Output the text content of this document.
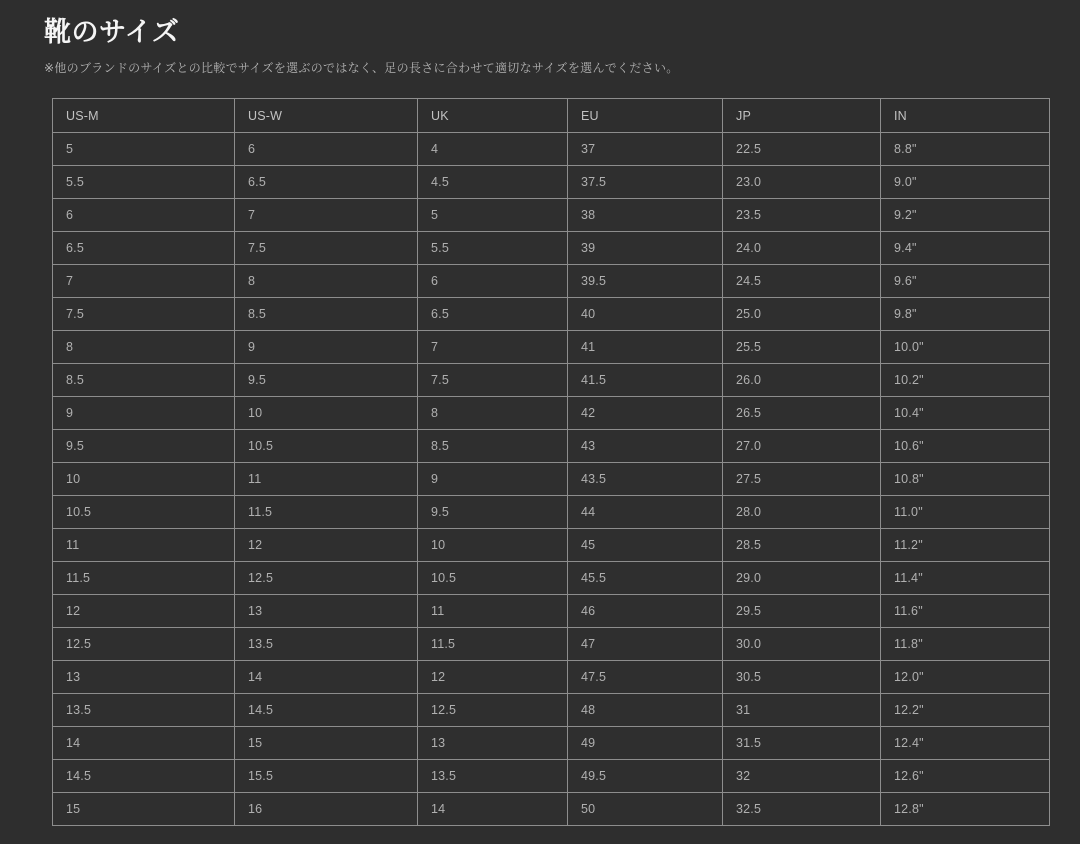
靴のサイズ

※他のブランドのサイズとの比較でサイズを選ぶのではなく、足の長さに合わせて適切なサイズを選んでください。

US-M	US-W	UK	EU	JP	IN
5	6	4	37	22.5	8.8"
5.5	6.5	4.5	37.5	23.0	9.0"
6	7	5	38	23.5	9.2"
6.5	7.5	5.5	39	24.0	9.4"
7	8	6	39.5	24.5	9.6"
7.5	8.5	6.5	40	25.0	9.8"
8	9	7	41	25.5	10.0"
8.5	9.5	7.5	41.5	26.0	10.2"
9	10	8	42	26.5	10.4"
9.5	10.5	8.5	43	27.0	10.6"
10	11	9	43.5	27.5	10.8"
10.5	11.5	9.5	44	28.0	11.0"
11	12	10	45	28.5	11.2"
11.5	12.5	10.5	45.5	29.0	11.4"
12	13	11	46	29.5	11.6"
12.5	13.5	11.5	47	30.0	11.8"
13	14	12	47.5	30.5	12.0"
13.5	14.5	12.5	48	31	12.2"
14	15	13	49	31.5	12.4"
14.5	15.5	13.5	49.5	32	12.6"
15	16	14	50	32.5	12.8"
